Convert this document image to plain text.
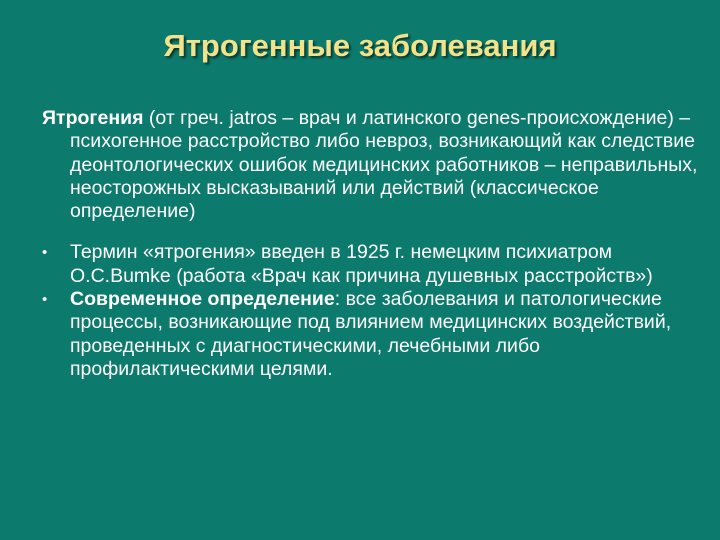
Ятрогенные заболевания

Ятрогения (от греч. jatros – врач и латинского genes-происхождение) – психогенное расстройство либо невроз, возникающий как следствие деонтологических ошибок медицинских работников – неправильных, неосторожных высказываний или действий (классическое определение)

•	Термин «ятрогения» введен в 1925 г. немецким психиатром О.С.Bumke (работа «Врач как причина душевных расстройств»)
•	Современное определение: все заболевания и патологические процессы, возникающие под влиянием медицинских воздействий, проведенных с диагностическими, лечебными либо профилактическими целями.
